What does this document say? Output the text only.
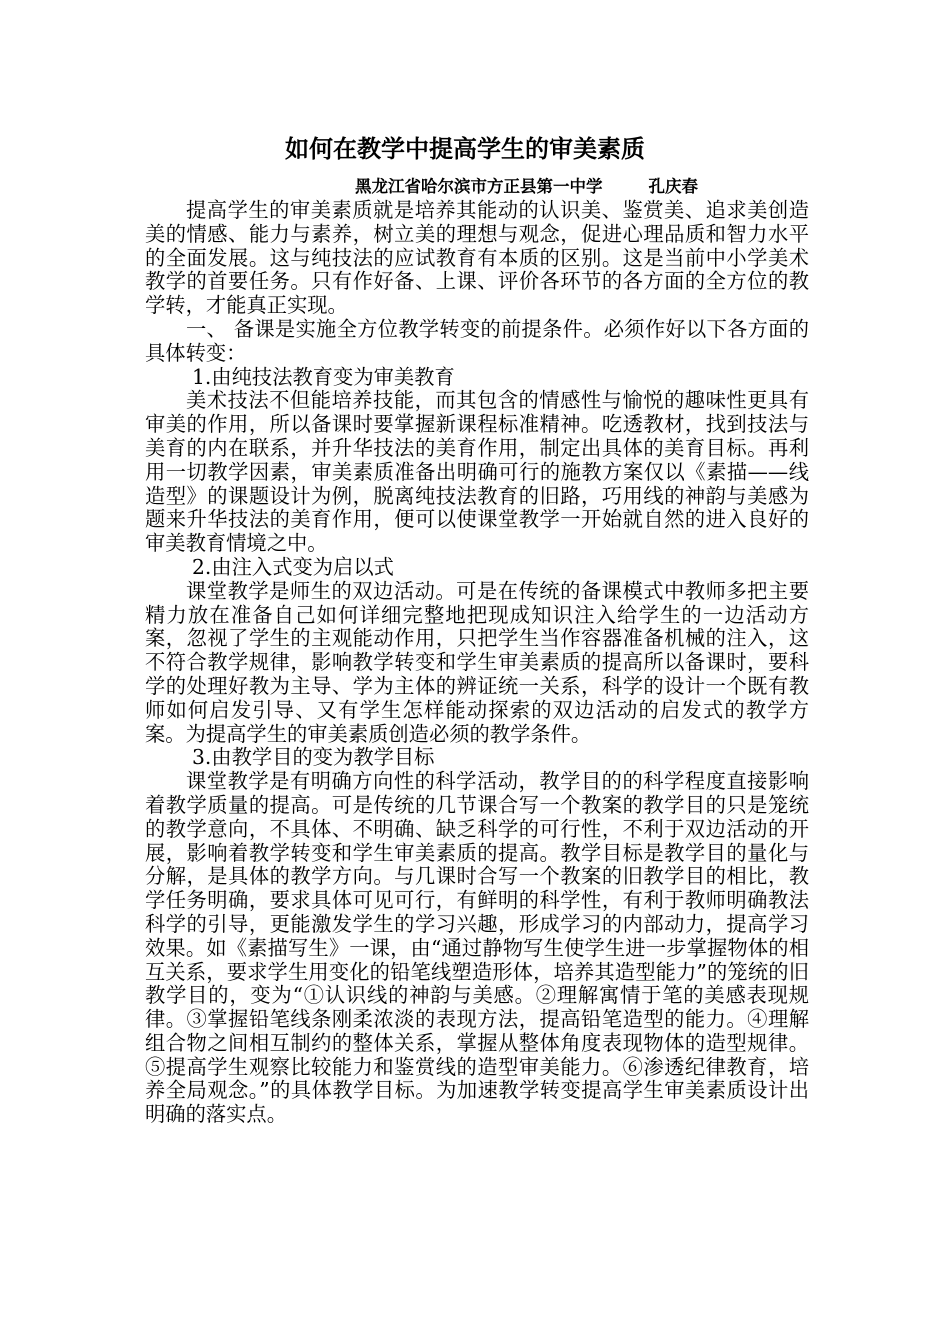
如何在教学中提高学生的审美素质
黑龙江省哈尔滨市方正县第一中学	孔庆春

提高学生的审美素质就是培养其能动的认识美、鉴赏美、追求美创造美的情感、能力与素养，树立美的理想与观念，促进心理品质和智力水平的全面发展。这与纯技法的应试教育有本质的区别。这是当前中小学美术教学的首要任务。只有作好备、上课、评价各环节的各方面的全方位的教学转，才能真正实现。

一、 备课是实施全方位教学转变的前提条件。必须作好以下各方面的具体转变：

1.由纯技法教育变为审美教育

美术技法不但能培养技能，而其包含的情感性与愉悦的趣味性更具有审美的作用，所以备课时要掌握新课程标准精神。吃透教材，找到技法与美育的内在联系，并升华技法的美育作用，制定出具体的美育目标。再利用一切教学因素，审美素质准备出明确可行的施教方案仅以《素描——线造型》的课题设计为例，脱离纯技法教育的旧路，巧用线的神韵与美感为题来升华技法的美育作用，便可以使课堂教学一开始就自然的进入良好的审美教育情境之中。

2.由注入式变为启以式

课堂教学是师生的双边活动。可是在传统的备课模式中教师多把主要精力放在准备自己如何详细完整地把现成知识注入给学生的一边活动方案，忽视了学生的主观能动作用，只把学生当作容器准备机械的注入，这不符合教学规律，影响教学转变和学生审美素质的提高所以备课时，要科学的处理好教为主导、学为主体的辨证统一关系，科学的设计一个既有教师如何启发引导、又有学生怎样能动探索的双边活动的启发式的教学方案。为提高学生的审美素质创造必须的教学条件。

3.由教学目的变为教学目标

课堂教学是有明确方向性的科学活动，教学目的的科学程度直接影响着教学质量的提高。可是传统的几节课合写一个教案的教学目的只是笼统的教学意向，不具体、不明确、缺乏科学的可行性，不利于双边活动的开展，影响着教学转变和学生审美素质的提高。教学目标是教学目的量化与分解，是具体的教学方向。与几课时合写一个教案的旧教学目的相比，教学任务明确，要求具体可见可行，有鲜明的科学性，有利于教师明确教法科学的引导，更能激发学生的学习兴趣，形成学习的内部动力，提高学习效果。如《素描写生》一课，由“通过静物写生使学生进一步掌握物体的相互关系，要求学生用变化的铅笔线塑造形体，培养其造型能力”的笼统的旧教学目的，变为“①认识线的神韵与美感。②理解寓情于笔的美感表现规律。③掌握铅笔线条刚柔浓淡的表现方法，提高铅笔造型的能力。④理解组合物之间相互制约的整体关系，掌握从整体角度表现物体的造型规律。⑤提高学生观察比较能力和鉴赏线的造型审美能力。⑥渗透纪律教育，培养全局观念。”的具体教学目标。为加速教学转变提高学生审美素质设计出明确的落实点。
